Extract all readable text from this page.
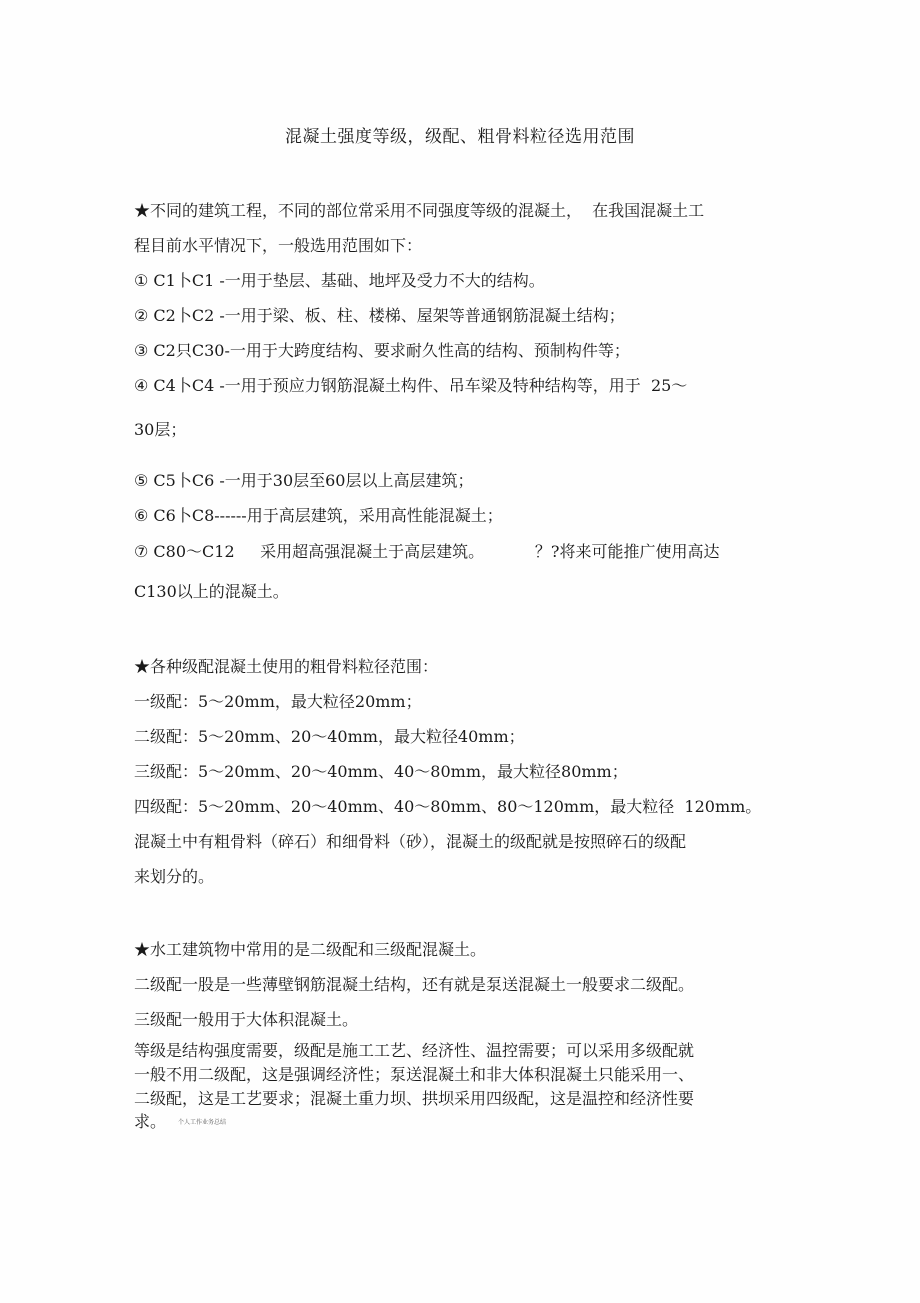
混凝土强度等级，级配、粗骨料粒径选用范围
★不同的建筑工程，不同的部位常采用不同强度等级的混凝土，  在我国混凝土工
程目前水平情况下，一般选用范围如下：
① C1卜C1 -一用于垫层、基础、地坪及受力不大的结构。
② C2卜C2 -一用于梁、板、柱、楼梯、屋架等普通钢筋混凝土结构；
③ C2只C30-一用于大跨度结构、要求耐久性高的结构、预制构件等；
④ C4卜C4 -一用于预应力钢筋混凝土构件、吊车梁及特种结构等，用于  25～
30层；
⑤ C5卜C6 -一用于30层至60层以上高层建筑；
⑥ C6卜C8------用于高层建筑，采用高性能混凝土；
⑦ C80～C12     采用超高强混凝土于高层建筑。          ？?将来可能推广使用高达
C130以上的混凝土。
★各种级配混凝土使用的粗骨料粒径范围：
一级配：5～20mm，最大粒径20mm；
二级配：5～20mm、20～40mm，最大粒径40mm；
三级配：5～20mm、20～40mm、40～80mm，最大粒径80mm；
四级配：5～20mm、20～40mm、40～80mm、80～120mm，最大粒径  120mm。
混凝土中有粗骨料（碎石）和细骨料（砂），混凝土的级配就是按照碎石的级配
来划分的。
★水工建筑物中常用的是二级配和三级配混凝土。
二级配一股是一些薄壁钢筋混凝土结构，还有就是泵送混凝土一般要求二级配。
三级配一般用于大体积混凝土。
等级是结构强度需要，级配是施工工艺、经济性、温控需要；可以采用多级配就
一般不用二级配，这是强调经济性；泵送混凝土和非大体积混凝土只能采用一、
二级配，这是工艺要求；混凝土重力坝、拱坝采用四级配，这是温控和经济性要
求。 个人工作业务总结
